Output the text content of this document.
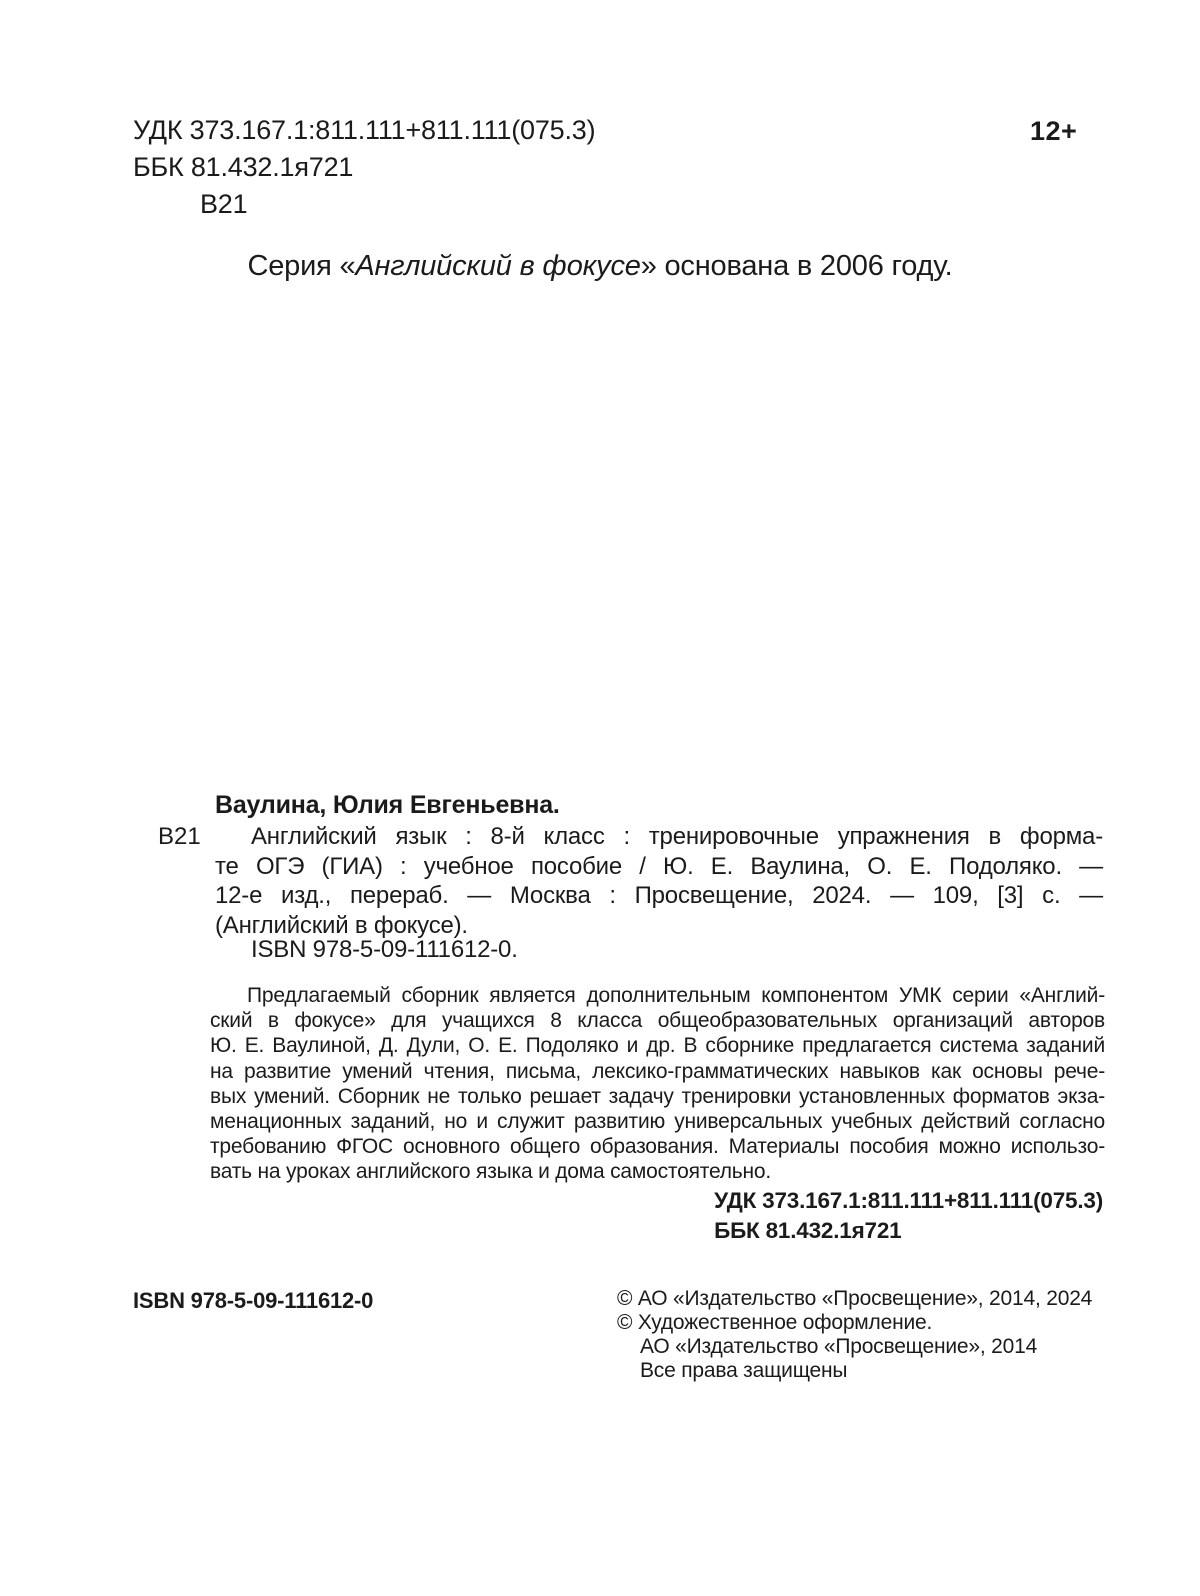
УДК 373.167.1:811.111+811.111(075.3)
ББК 81.432.1я721
В21
12+
Серия «Английский в фокусе» основана в 2006 году.
Ваулина, Юлия Евгеньевна.
В21	Английский язык : 8-й класс : тренировочные упражнения в форма-
те ОГЭ (ГИА) : учебное пособие / Ю. Е. Ваулина, О. Е. Подоляко. —
12-е изд., перераб. — Москва : Просвещение, 2024. — 109, [3] с. —
(Английский в фокусе).
ISBN 978-5-09-111612-0.
Предлагаемый сборник является дополнительным компонентом УМК серии «Англий-
ский в фокусе» для учащихся 8 класса общеобразовательных организаций авторов
Ю. Е. Ваулиной, Д. Дули, О. Е. Подоляко и др. В сборнике предлагается система заданий
на развитие умений чтения, письма, лексико-грамматических навыков как основы рече-
вых умений. Сборник не только решает задачу тренировки установленных форматов экза-
менационных заданий, но и служит развитию универсальных учебных действий согласно
требованию ФГОС основного общего образования. Материалы пособия можно использо-
вать на уроках английского языка и дома самостоятельно.
УДК 373.167.1:811.111+811.111(075.3)
ББК 81.432.1я721
ISBN 978-5-09-111612-0	© АО «Издательство «Просвещение», 2014, 2024
© Художественное оформление.
АО «Издательство «Просвещение», 2014
Все права защищены
